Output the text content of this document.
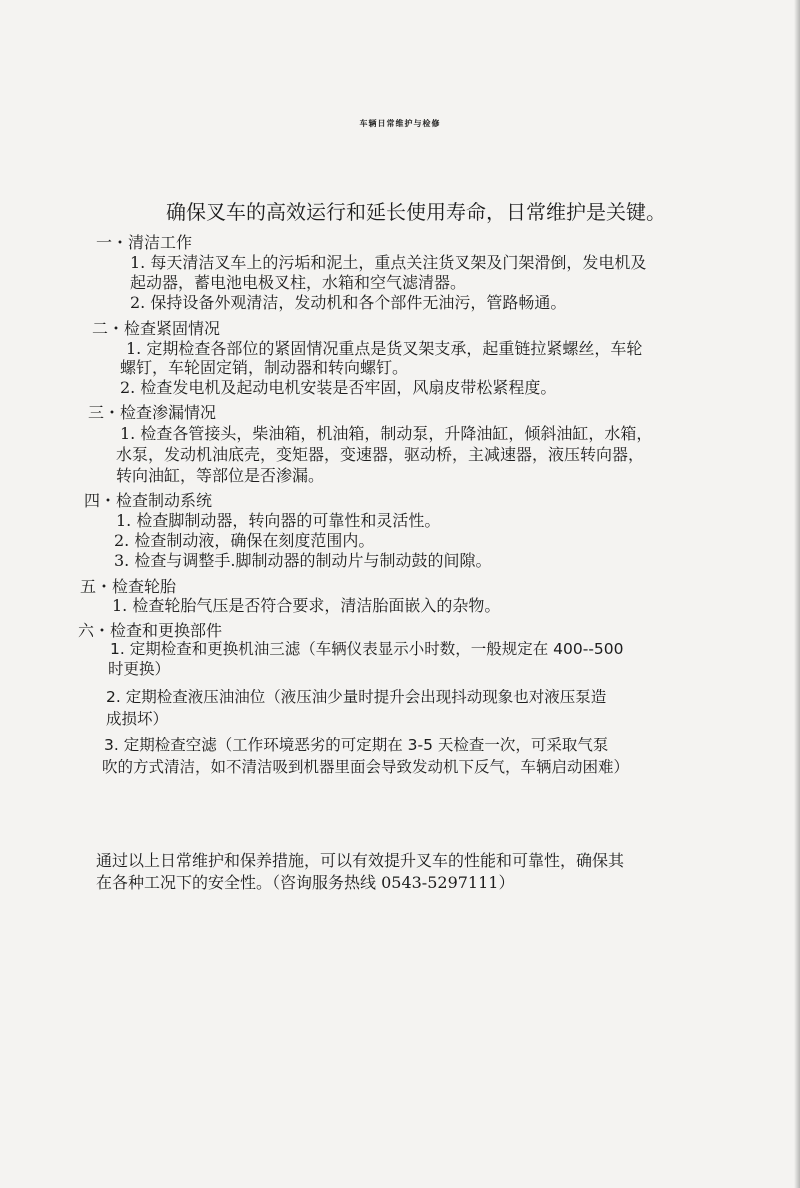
车辆日常维护与检修
确保叉车的高效运行和延长使用寿命，日常维护是关键。
一・清洁工作
1. 每天清洁叉车上的污垢和泥土，重点关注货叉架及门架滑倒，发电机及
起动器，蓄电池电极叉柱，水箱和空气滤清器。
2. 保持设备外观清洁，发动机和各个部件无油污，管路畅通。
二・检查紧固情况
1. 定期检查各部位的紧固情况重点是货叉架支承，起重链拉紧螺丝，车轮
螺钉，车轮固定销，制动器和转向螺钉。
2. 检查发电机及起动电机安装是否牢固，风扇皮带松紧程度。
三・检查渗漏情况
1. 检查各管接头，柴油箱，机油箱，制动泵，升降油缸，倾斜油缸，水箱，
水泵，发动机油底壳，变矩器，变速器，驱动桥，主减速器，液压转向器，
转向油缸，等部位是否渗漏。
四・检查制动系统
1. 检查脚制动器，转向器的可靠性和灵活性。
2. 检查制动液，确保在刻度范围内。
3. 检查与调整手.脚制动器的制动片与制动鼓的间隙。
五・检查轮胎
1. 检查轮胎气压是否符合要求，清洁胎面嵌入的杂物。
六・检查和更换部件
1. 定期检查和更换机油三滤（车辆仪表显示小时数，一般规定在 400--500
时更换）
2. 定期检查液压油油位（液压油少量时提升会出现抖动现象也对液压泵造
成损坏）
3. 定期检查空滤（工作环境恶劣的可定期在 3-5 天检查一次，可采取气泵
吹的方式清洁，如不清洁吸到机器里面会导致发动机下反气，车辆启动困难）
通过以上日常维护和保养措施，可以有效提升叉车的性能和可靠性，确保其
在各种工况下的安全性。（咨询服务热线 0543-5297111）
